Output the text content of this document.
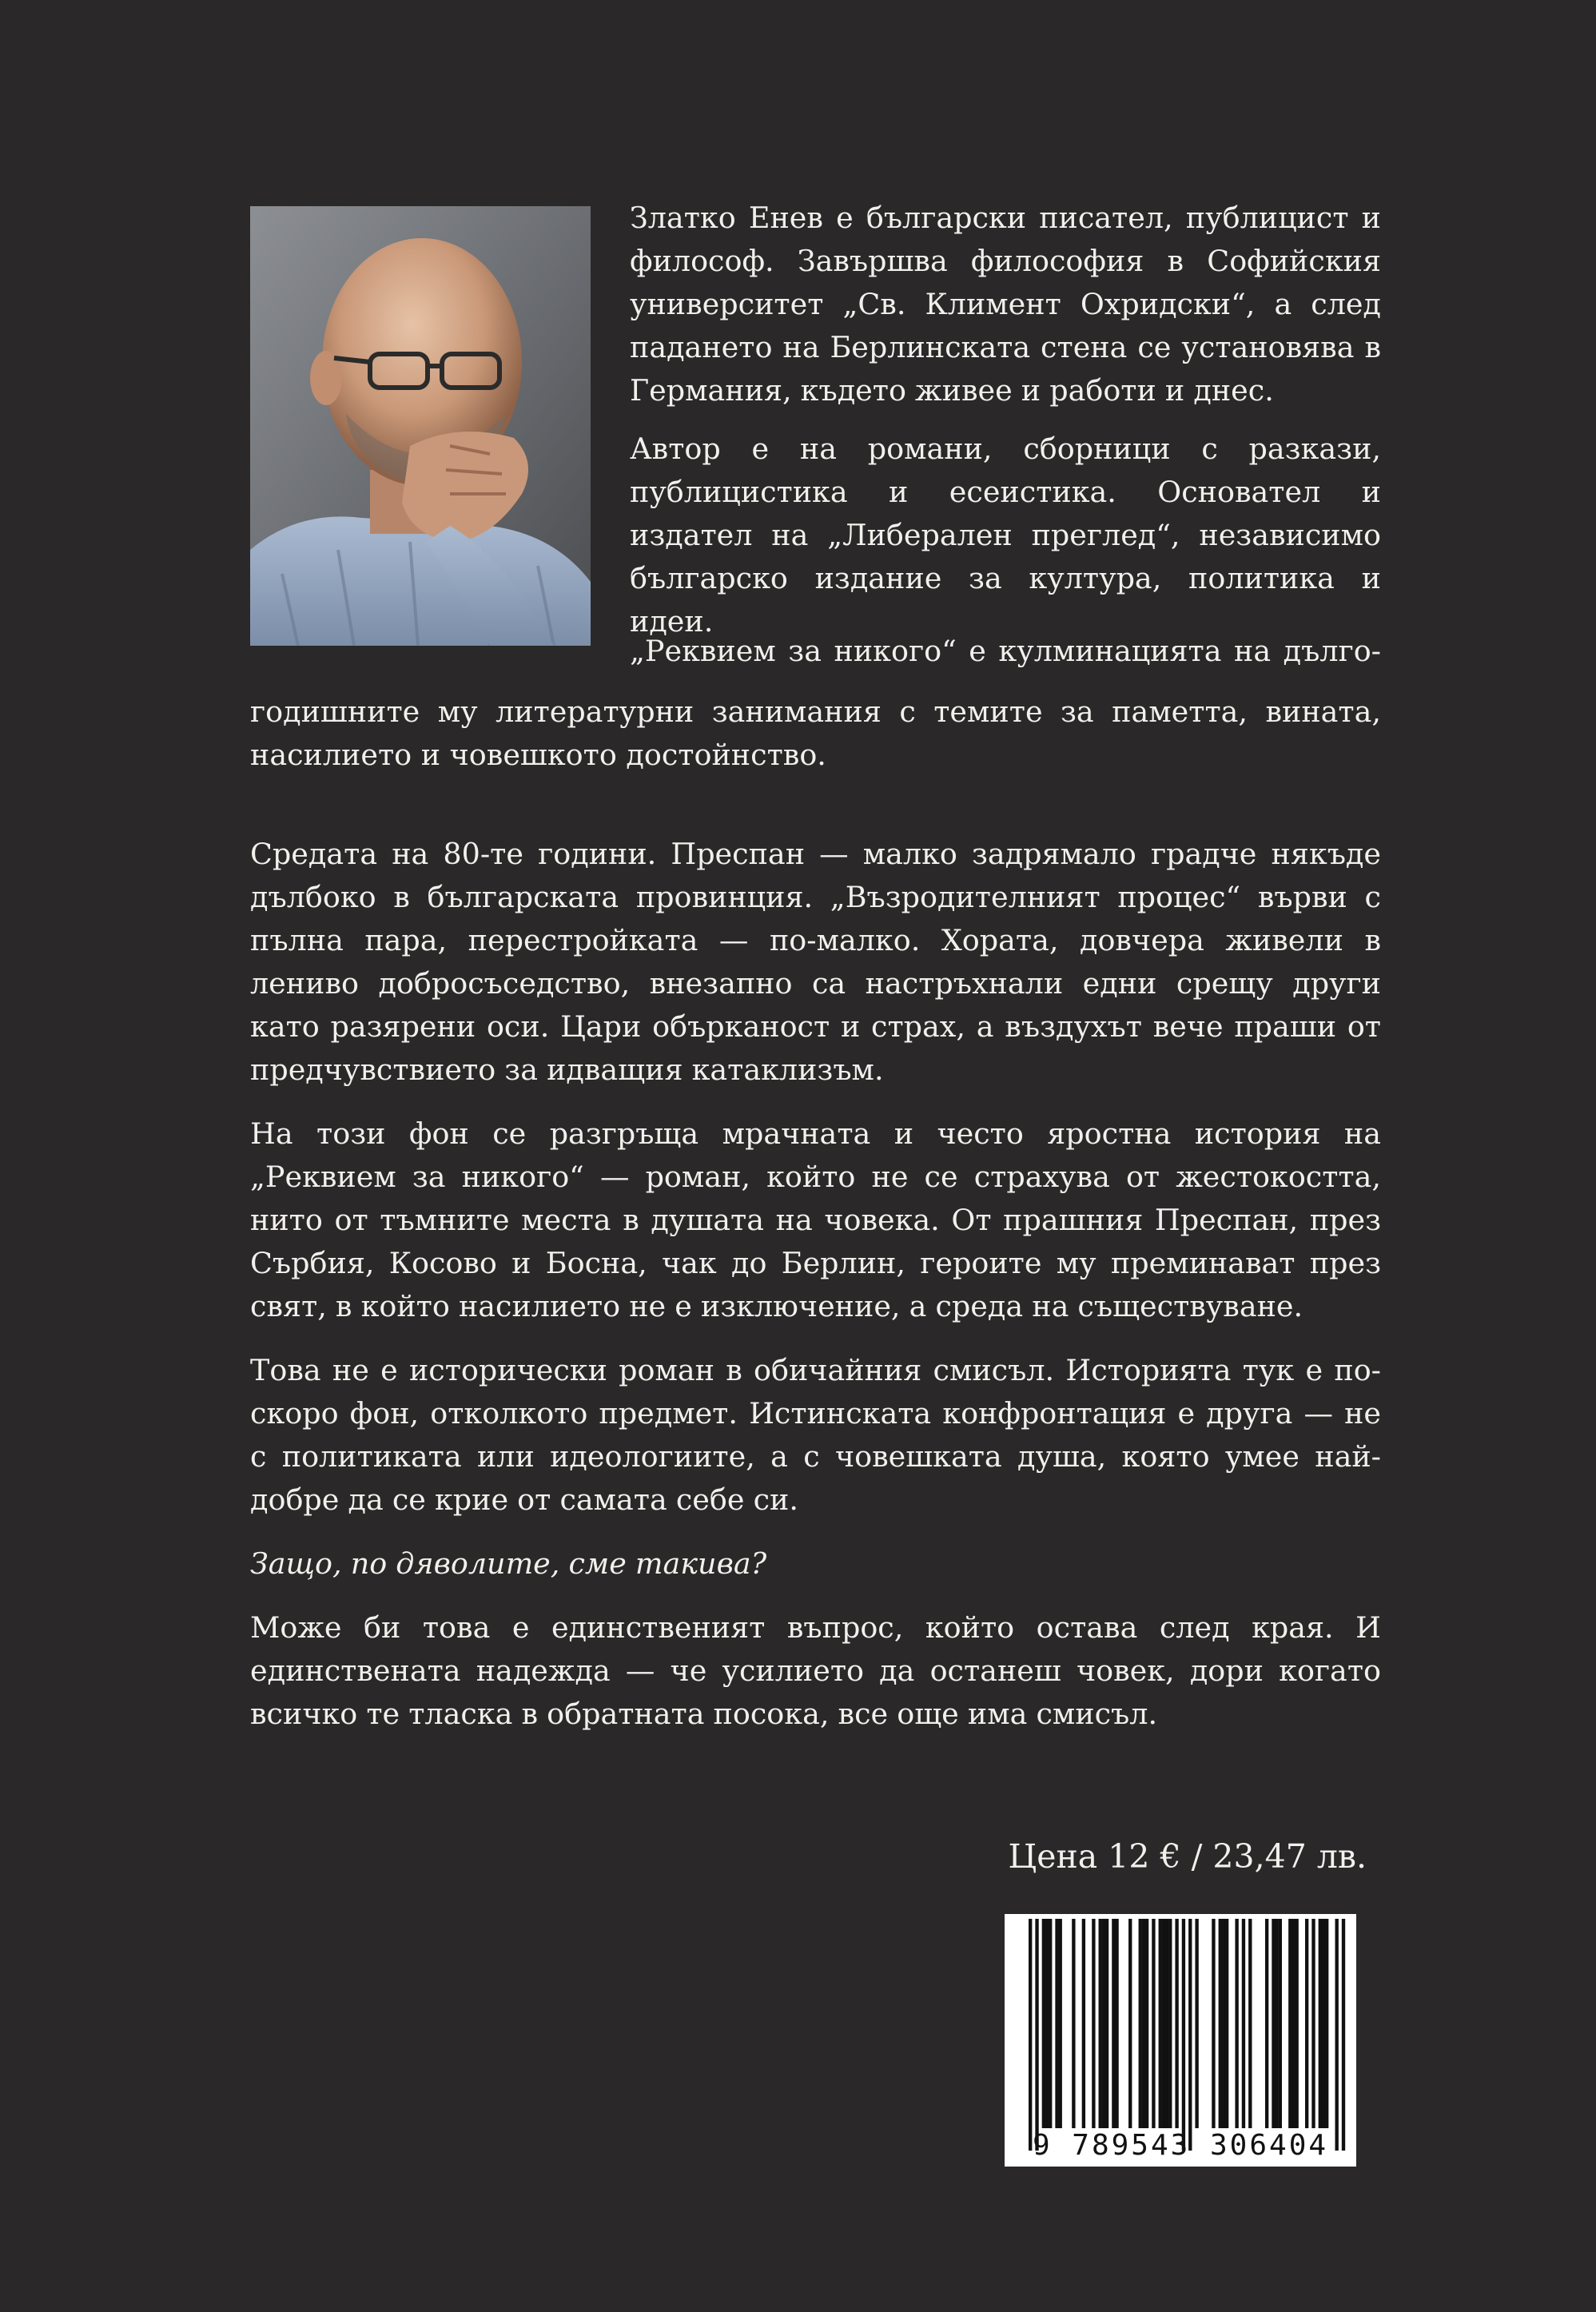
Златко Енев е български писател, публицист и философ. Завършва философия в Софийския университет „Св. Климент Охридски“, а след падането на Берлинската стена се установява в Германия, където живее и работи и днес.

Автор е на романи, сборници с разкази, публицистика и есеистика. Основател и издател на „Либерален преглед“, независимо българско издание за култура, политика и идеи.

„Реквием за никого“ е кулминацията на дълго-
годишните му литературни занимания с темите за паметта, вината, насилието и човешкото достойнство.

Средата на 80-те години. Преспан — малко задрямало градче някъде дълбоко в българската провинция. „Възродителният процес“ върви с пълна пара, перестройката — по-малко. Хората, довчера живели в лениво добросъседство, внезапно са настръхнали едни срещу други като разярени оси. Цари обърканост и страх, а въздухът вече праши от предчувствието за идващия катаклизъм.

На този фон се разгръща мрачната и често яростна история на „Реквием за никого“ — роман, който не се страхува от жестокостта, нито от тъмните места в душата на човека. От прашния Преспан, през Сърбия, Косово и Босна, чак до Берлин, героите му преминават през свят, в който насилието не е изключение, а среда на съществуване.

Това не е исторически роман в обичайния смисъл. Историята тук е по-скоро фон, отколкото предмет. Истинската конфронтация е друга — не с политиката или идеологиите, а с човешката душа, която умее най-добре да се крие от самата себе си.

Защо, по дяволите, сме такива?

Може би това е единственият въпрос, който остава след края. И единствената надежда — че усилието да останеш човек, дори когато всичко те тласка в обратната посока, все още има смисъл.

Цена 12 € / 23,47 лв.
9 789543 306404
